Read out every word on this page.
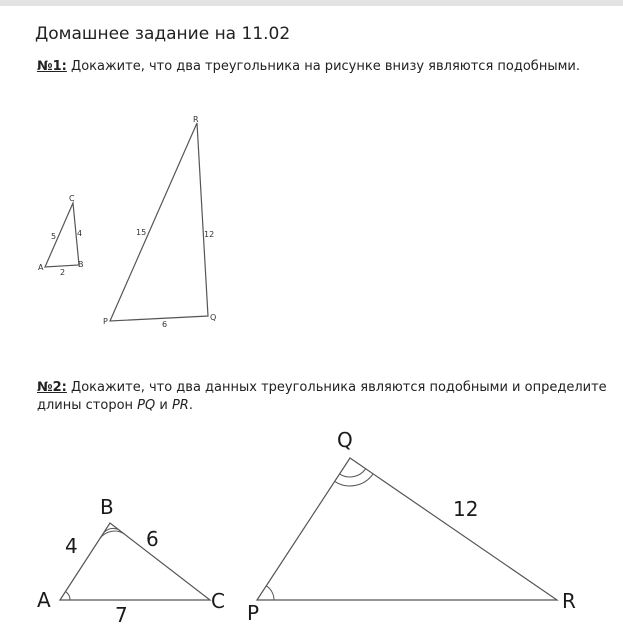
Домашнее задание на 11.02
№1: Докажите, что два треугольника на рисунке внизу являются подобными.
№2: Докажите, что два данных треугольника являются подобными и определите длины сторон PQ и PR.
A	B
C
5	4
2
P	Q
R
15	12
6
A
B
C
4	6
7
Q
P	R
12
